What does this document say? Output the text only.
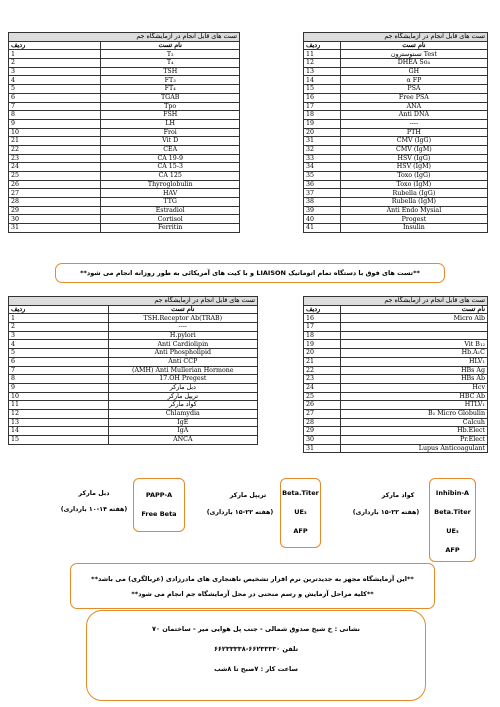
تست های قابل انجام در آزمایشگاه جم	
ردیف	نام تست
1	T₃
2	T₄
3	TSH
4	FT₃
5	FT₄
6	TGAB
7	Tpo
8	FSH
9	LH
10	Froi
21	Vit D
22	CEA
23	CA 19-9
24	CA 15-3
25	CA 125
26	Thyroglobulin
27	HAV
28	TTG
29	Estradiol
30	Cortisol
31	Ferritin
تست های قابل انجام در آزمایشگاه جم	
ردیف	نام تست
11	تستوسترون Test
12	DHEA So₄
13	GH
14	α FP
15	PSA
16	Free PSA
17	ANA
18	Anti DNA
19	----
20	PTH
31	CMV (IgG)
32	CMV (IgM)
33	HSV (IgG)
34	HSV (IgM)
35	Toxo (IgG)
36	Toxo (IgM)
37	Rubella (IgG)
38	Rubella (IgM)
39	Anti Endo Mysial
40	Progest
41	Insulin
**تست های فوق با دستگاه تمام اتوماتیک LIAISON و با کیت های آمریکائی به طور روزانه انجام می شود**
تست های قابل انجام در آزمایشگاه جم	
ردیف	نام تست
1	TSH.Receptor Ab(TRAB)
2	----
3	H.pylori
4	Anti Cardiolipin
5	Anti Phospholipid
6	Anti CCP
7	(AMH) Anti Mullerian Hormone
8	17.OH Pregest
9	دبل مارکر
10	تریپل مارکر
11	کواد مارکر
12	Chlamydia
13	IgE
14	IgA
15	ANCA
تست های قابل انجام در آزمایشگاه جم	
ردیف	نام تست
16	Micro Alb
17	
18	
19	Vit B₁₂
20	Hb.A₁C
21	HLV₁
22	HBs Ag
23	HBs Ab
24	Hcv
25	HBC Ab
26	HTLV₁
27	B₂ Micro Globulin
28	Calcuh
29	Hb.Elect
30	Pr.Elect
31	Lupus Anticoagulant
Inhibin-A
Beta.Titer
UE₃
AFP
کواد مارکر
(هفته ۲۲-۱۵ بارداری)
Beta.Titer
UE₃
AFP
تریپل مارکر
(هفته ۲۲-۱۵ بارداری)
PAPP-A
Free Beta
دبل مارکر
(هفته ۱۴-۱۰ بارداری)
**این آزمایشگاه مجهز به جدیدترین نرم افزار تشخیص ناهنجاری های مادرزادی (غربالگری) می باشد**
**کلیه مراحل آزمایش و رسم منحنی در محل آزمایشگاه جم انجام می شود**
نشانی : خ شیخ صدوق شمالی - جنب پل هوایی میر - ساختمان ۷۰
تلفن ۶۶۲۳۳۳۳۰-۶۶۲۳۳۳۳۸
ساعت کار : ۷صبح تا ۸شب
